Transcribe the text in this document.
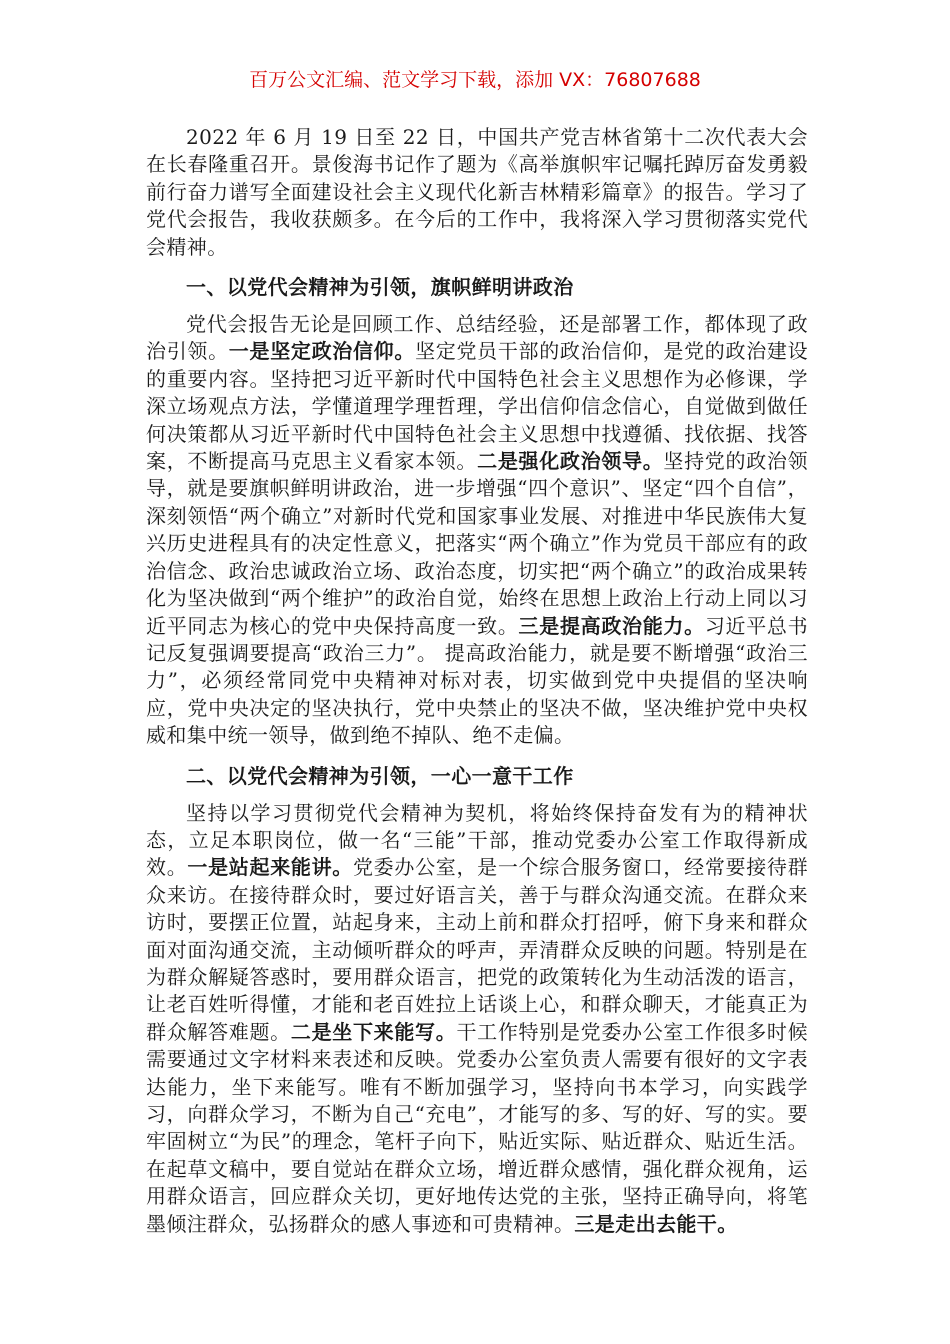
百万公文汇编、范文学习下载，添加 VX：76807688

2022 年 6 月 19 日至 22 日，中国共产党吉林省第十二次代表大会在长春隆重召开。景俊海书记作了题为《高举旗帜牢记嘱托踔厉奋发勇毅前行奋力谱写全面建设社会主义现代化新吉林精彩篇章》的报告。学习了党代会报告，我收获颇多。在今后的工作中，我将深入学习贯彻落实党代会精神。

一、以党代会精神为引领，旗帜鲜明讲政治

党代会报告无论是回顾工作、总结经验，还是部署工作，都体现了政治引领。一是坚定政治信仰。坚定党员干部的政治信仰，是党的政治建设的重要内容。坚持把习近平新时代中国特色社会主义思想作为必修课，学深立场观点方法，学懂道理学理哲理，学出信仰信念信心，自觉做到做任何决策都从习近平新时代中国特色社会主义思想中找遵循、找依据、找答案，不断提高马克思主义看家本领。二是强化政治领导。坚持党的政治领导，就是要旗帜鲜明讲政治，进一步增强“四个意识”、坚定“四个自信”，深刻领悟“两个确立”对新时代党和国家事业发展、对推进中华民族伟大复兴历史进程具有的决定性意义，把落实“两个确立”作为党员干部应有的政治信念、政治忠诚政治立场、政治态度，切实把“两个确立”的政治成果转化为坚决做到“两个维护”的政治自觉，始终在思想上政治上行动上同以习近平同志为核心的党中央保持高度一致。三是提高政治能力。习近平总书记反复强调要提高“政治三力”。 提高政治能力，就是要不断增强“政治三力”，必须经常同党中央精神对标对表，切实做到党中央提倡的坚决响应，党中央决定的坚决执行，党中央禁止的坚决不做，坚决维护党中央权威和集中统一领导，做到绝不掉队、绝不走偏。

二、以党代会精神为引领，一心一意干工作

坚持以学习贯彻党代会精神为契机，将始终保持奋发有为的精神状态，立足本职岗位，做一名“三能”干部，推动党委办公室工作取得新成效。一是站起来能讲。党委办公室，是一个综合服务窗口，经常要接待群众来访。在接待群众时，要过好语言关，善于与群众沟通交流。在群众来访时，要摆正位置，站起身来，主动上前和群众打招呼，俯下身来和群众面对面沟通交流，主动倾听群众的呼声，弄清群众反映的问题。特别是在为群众解疑答惑时，要用群众语言，把党的政策转化为生动活泼的语言，让老百姓听得懂，才能和老百姓拉上话谈上心，和群众聊天，才能真正为群众解答难题。二是坐下来能写。干工作特别是党委办公室工作很多时候需要通过文字材料来表述和反映。党委办公室负责人需要有很好的文字表达能力，坐下来能写。唯有不断加强学习，坚持向书本学习，向实践学习，向群众学习，不断为自己“充电”，才能写的多、写的好、写的实。要牢固树立“为民”的理念，笔杆子向下，贴近实际、贴近群众、贴近生活。在起草文稿中，要自觉站在群众立场，增近群众感情，强化群众视角，运用群众语言，回应群众关切，更好地传达党的主张，坚持正确导向，将笔墨倾注群众，弘扬群众的感人事迹和可贵精神。三是走出去能干。
